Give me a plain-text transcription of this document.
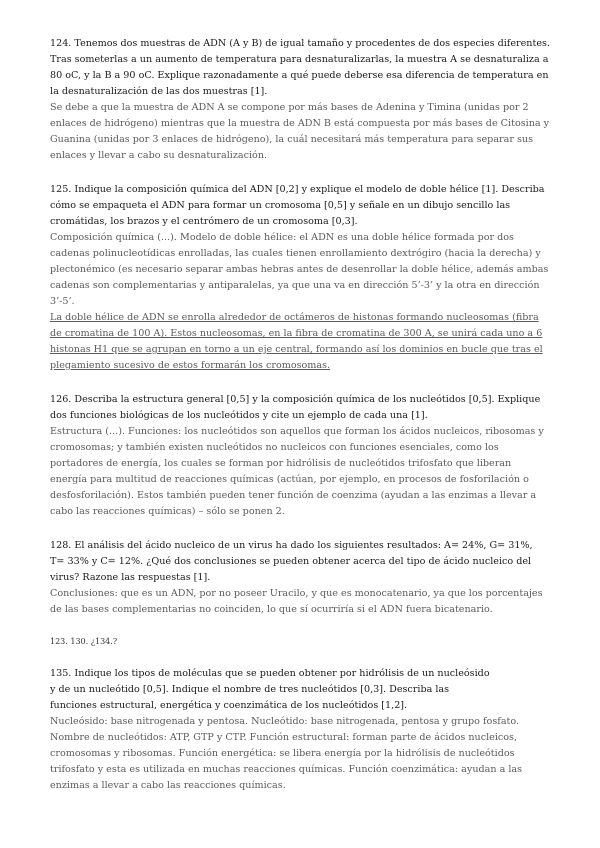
124. Tenemos dos muestras de ADN (A y B) de igual tamaño y procedentes de dos especies diferentes. Tras someterlas a un aumento de temperatura para desnaturalizarlas, la muestra A se desnaturaliza a 80 oC, y la B a 90 oC. Explique razonadamente a qué puede deberse esa diferencia de temperatura en la desnaturalización de las dos muestras [1].

Se debe a que la muestra de ADN A se compone por más bases de Adenina y Timina (unidas por 2 enlaces de hidrógeno) mientras que la muestra de ADN B está compuesta por más bases de Citosina y Guanina (unidas por 3 enlaces de hidrógeno), la cuál necesitará más temperatura para separar sus enlaces y llevar a cabo su desnaturalización.

125. Indique la composición química del ADN [0,2] y explique el modelo de doble hélice [1]. Describa cómo se empaqueta el ADN para formar un cromosoma [0,5] y señale en un dibujo sencillo las cromátidas, los brazos y el centrómero de un cromosoma [0,3].

Composición química (...). Modelo de doble hélice: el ADN es una doble hélice formada por dos cadenas polinucleotídicas enrolladas, las cuales tienen enrollamiento dextrógiro (hacia la derecha) y plectonémico (es necesario separar ambas hebras antes de desenrollar la doble hélice, además ambas cadenas son complementarias y antiparalelas, ya que una va en dirección 5’-3’ y la otra en dirección 3’-5’.

La doble hélice de ADN se enrolla alrededor de octámeros de histonas formando nucleosomas (fibra de cromatina de 100 A). Estos nucleosomas, en la fibra de cromatina de 300 A, se unirá cada uno a 6 histonas H1 que se agrupan en torno a un eje central, formando así los dominios en bucle que tras el plegamiento sucesivo de estos formarán los cromosomas.

126. Describa la estructura general [0,5] y la composición química de los nucleótidos [0,5]. Explique dos funciones biológicas de los nucleótidos y cite un ejemplo de cada una [1].

Estructura (...). Funciones: los nucleótidos son aquellos que forman los ácidos nucleicos, ribosomas y cromosomas; y también existen nucleótidos no nucleicos con funciones esenciales, como los portadores de energía, los cuales se forman por hidrólisis de nucleótidos trifosfato que liberan energía para multitud de reacciones químicas (actúan, por ejemplo, en procesos de fosforilación o desfosforilación). Estos también pueden tener función de coenzima (ayudan a las enzimas a llevar a cabo las reacciones químicas) – sólo se ponen 2.

128. El análisis del ácido nucleico de un virus ha dado los siguientes resultados: A= 24%, G= 31%, T= 33% y C= 12%. ¿Qué dos conclusiones se pueden obtener acerca del tipo de ácido nucleico del virus? Razone las respuestas [1].

Conclusiones: que es un ADN, por no poseer Uracilo, y que es monocatenario, ya que los porcentajes de las bases complementarias no coinciden, lo que sí ocurriría si el ADN fuera bicatenario.

123. 130. ¿134.?

135. Indique los tipos de moléculas que se pueden obtener por hidrólisis de un nucleósido

y de un nucleótido [0,5]. Indique el nombre de tres nucleótidos [0,3]. Describa las

funciones estructural, energética y coenzimática de los nucleótidos [1,2].

Nucleósido: base nitrogenada y pentosa. Nucleótido: base nitrogenada, pentosa y grupo fosfato. Nombre de nucleótidos: ATP, GTP y CTP. Función estructural: forman parte de ácidos nucleicos, cromosomas y ribosomas. Función energética: se libera energía por la hidrólisis de nucleótidos trifosfato y esta es utilizada en muchas reacciones químicas. Función coenzimática: ayudan a las enzimas a llevar a cabo las reacciones químicas.
